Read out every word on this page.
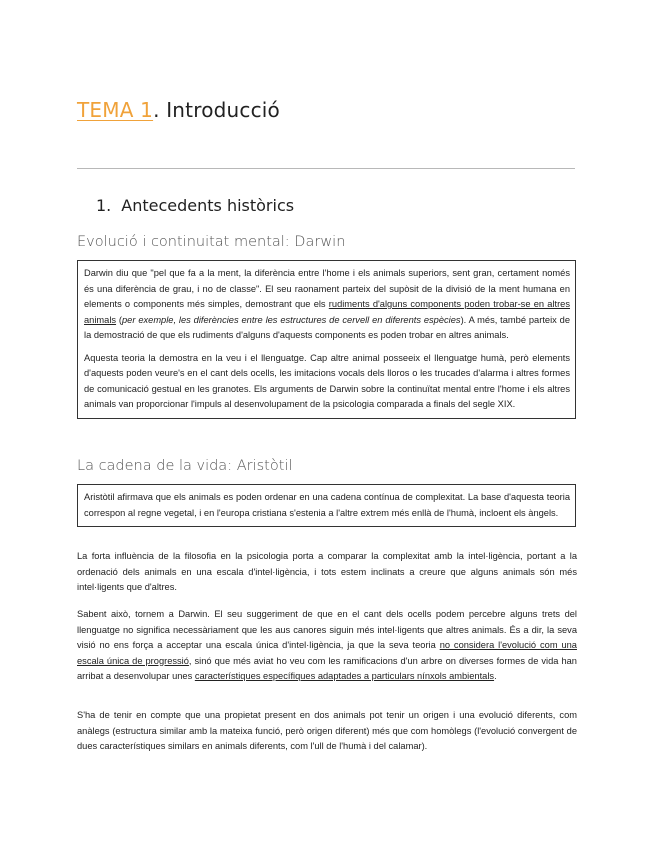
TEMA 1. Introducció
1. Antecedents històrics
Evolució i continuitat mental: Darwin

Darwin diu que "pel que fa a la ment, la diferència entre l'home i els animals superiors, sent gran, certament només és una diferència de grau, i no de classe". El seu raonament parteix del supòsit de la divisió de la ment humana en elements o components més simples, demostrant que els rudiments d'alguns components poden trobar-se en altres animals (per exemple, les diferències entre les estructures de cervell en diferents espècies). A més, també parteix de la demostració de que els rudiments d'alguns d'aquests components es poden trobar en altres animals.

Aquesta teoria la demostra en la veu i el llenguatge. Cap altre animal posseeix el llenguatge humà, però elements d'aquests poden veure's en el cant dels ocells, les imitacions vocals dels lloros o les trucades d'alarma i altres formes de comunicació gestual en les granotes. Els arguments de Darwin sobre la continuïtat mental entre l'home i els altres animals van proporcionar l'impuls al desenvolupament de la psicologia comparada a finals del segle XIX.

La cadena de la vida: Aristòtil

Aristòtil afirmava que els animals es poden ordenar en una cadena contínua de complexitat. La base d'aquesta teoria correspon al regne vegetal, i en l'europa cristiana s'estenia a l'altre extrem més enllà de l'humà, incloent els àngels.

La forta influència de la filosofia en la psicologia porta a comparar la complexitat amb la intel·ligència, portant a la ordenació dels animals en una escala d'intel·ligència, i tots estem inclinats a creure que alguns animals són més intel·ligents que d'altres.

Sabent això, tornem a Darwin. El seu suggeriment de que en el cant dels ocells podem percebre alguns trets del llenguatge no significa necessàriament que les aus canores siguin més intel·ligents que altres animals. És a dir, la seva visió no ens força a acceptar una escala única d'intel·ligència, ja que la seva teoria no considera l'evolució com una escala única de progressió, sinó que més aviat ho veu com les ramificacions d'un arbre on diverses formes de vida han arribat a desenvolupar unes característiques específiques adaptades a particulars nínxols ambientals.

S'ha de tenir en compte que una propietat present en dos animals pot tenir un origen i una evolució diferents, com anàlegs (estructura similar amb la mateixa funció, però origen diferent) més que com homòlegs (l'evolució convergent de dues característiques similars en animals diferents, com l'ull de l'humà i del calamar).
